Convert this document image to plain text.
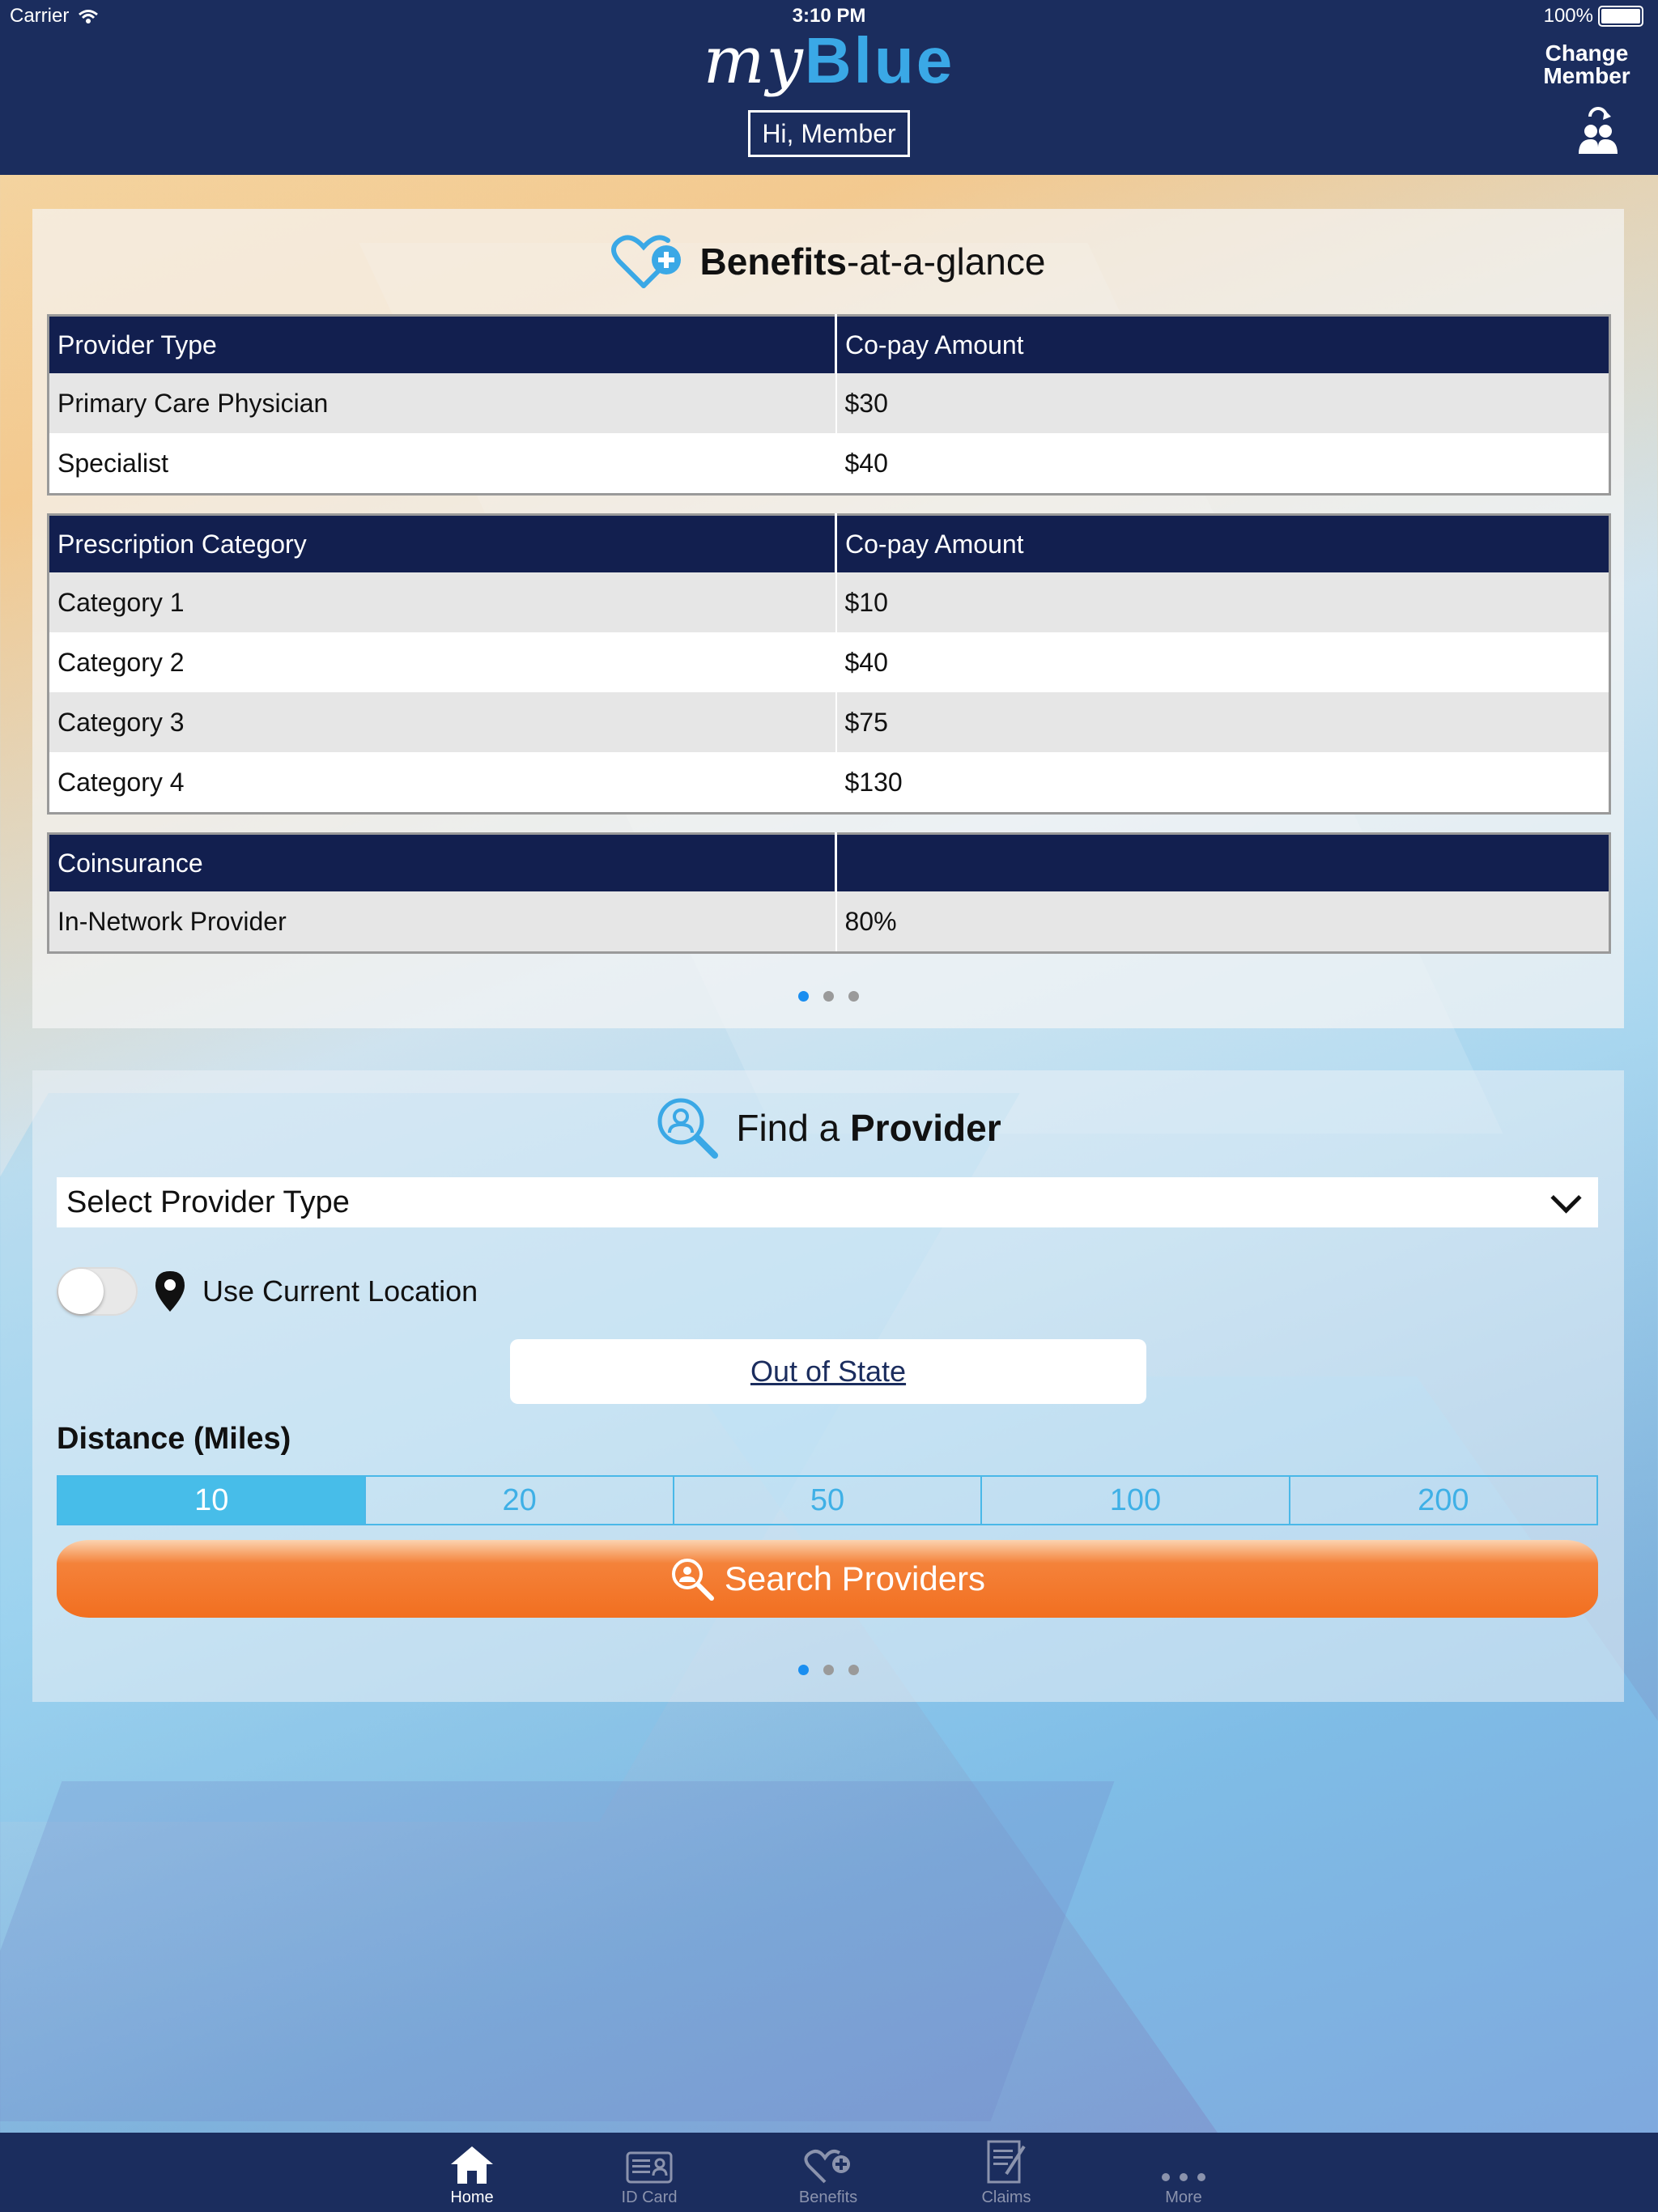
Carrier	3:10 PM	100%
myBlue
Hi, Member
Change Member
Benefits-at-a-glance
Provider Type	Co-pay Amount
Primary Care Physician	$30
Specialist	$40
Prescription Category	Co-pay Amount
Category 1	$10
Category 2	$40
Category 3	$75
Category 4	$130
Coinsurance	
In-Network Provider	80%
Find a Provider
Select Provider Type
Use Current Location
Out of State
Distance (Miles)
10	20	50	100	200
Search Providers
Home	ID Card	Benefits	Claims	More
